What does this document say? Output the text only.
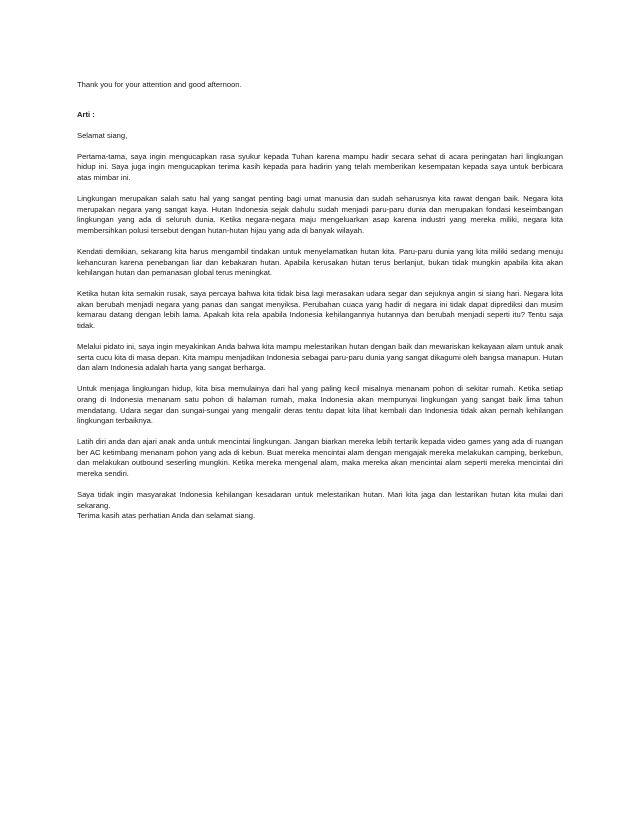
Thank you for your attention and good afternoon.

Arti :

Selamat siang,

Pertama-tama, saya ingin mengucapkan rasa syukur kepada Tuhan karena mampu hadir secara sehat di acara peringatan hari lingkungan hidup ini. Saya juga ingin mengucapkan terima kasih kepada para hadirin yang telah memberikan kesempatan kepada saya untuk berbicara atas mimbar ini.

Lingkungan merupakan salah satu hal yang sangat penting bagi umat manusia dan sudah seharusnya kita rawat dengan baik. Negara kita merupakan negara yang sangat kaya. Hutan Indonesia sejak dahulu sudah menjadi paru-paru dunia dan merupakan fondasi keseimbangan lingkungan yang ada di seluruh dunia. Ketika negara-negara maju mengeluarkan asap karena industri yang mereka miliki, negara kita membersihkan polusi tersebut dengan hutan-hutan hijau yang ada di banyak wilayah.

Kendati demikian, sekarang kita harus mengambil tindakan untuk menyelamatkan hutan kita. Paru-paru dunia yang kita miliki sedang menuju kehancuran karena penebangan liar dan kebakaran hutan. Apabila kerusakan hutan terus berlanjut, bukan tidak mungkin apabila kita akan kehilangan hutan dan pemanasan global terus meningkat.

Ketika hutan kita semakin rusak, saya percaya bahwa kita tidak bisa lagi merasakan udara segar dan sejuknya angin si siang hari. Negara kita akan berubah menjadi negara yang panas dan sangat menyiksa. Perubahan cuaca yang hadir di negara ini tidak dapat diprediksi dan musim kemarau datang dengan lebih lama. Apakah kita rela apabila Indonesia kehilangannya hutannya dan berubah menjadi seperti itu? Tentu saja tidak.

Melalui pidato ini, saya ingin meyakinkan Anda bahwa kita mampu melestarikan hutan dengan baik dan mewariskan kekayaan alam untuk anak serta cucu kita di masa depan. Kita mampu menjadikan Indonesia sebagai paru-paru dunia yang sangat dikagumi oleh bangsa manapun. Hutan dan alam Indonesia adalah harta yang sangat berharga.

Untuk menjaga lingkungan hidup, kita bisa memulainya dari hal yang paling kecil misalnya menanam pohon di sekitar rumah. Ketika setiap orang di Indonesia menanam satu pohon di halaman rumah, maka Indonesia akan mempunyai lingkungan yang sangat baik lima tahun mendatang. Udara segar dan sungai-sungai yang mengalir deras tentu dapat kita lihat kembali dan Indonesia tidak akan pernah kehilangan lingkungan terbaiknya.

Latih diri anda dan ajari anak anda untuk mencintai lingkungan. Jangan biarkan mereka lebih tertarik kepada video games yang ada di ruangan ber AC ketimbang menanam pohon yang ada di kebun. Buat mereka mencintai alam dengan mengajak mereka melakukan camping, berkebun, dan melakukan outbound seserling mungkin. Ketika mereka mengenal alam, maka mereka akan mencintai alam seperti mereka mencintai diri mereka sendiri.

Saya tidak ingin masyarakat Indonesia kehilangan kesadaran untuk melestarikan hutan. Mari kita jaga dan lestarikan hutan kita mulai dari sekarang.

Terima kasih atas perhatian Anda dan selamat siang.
